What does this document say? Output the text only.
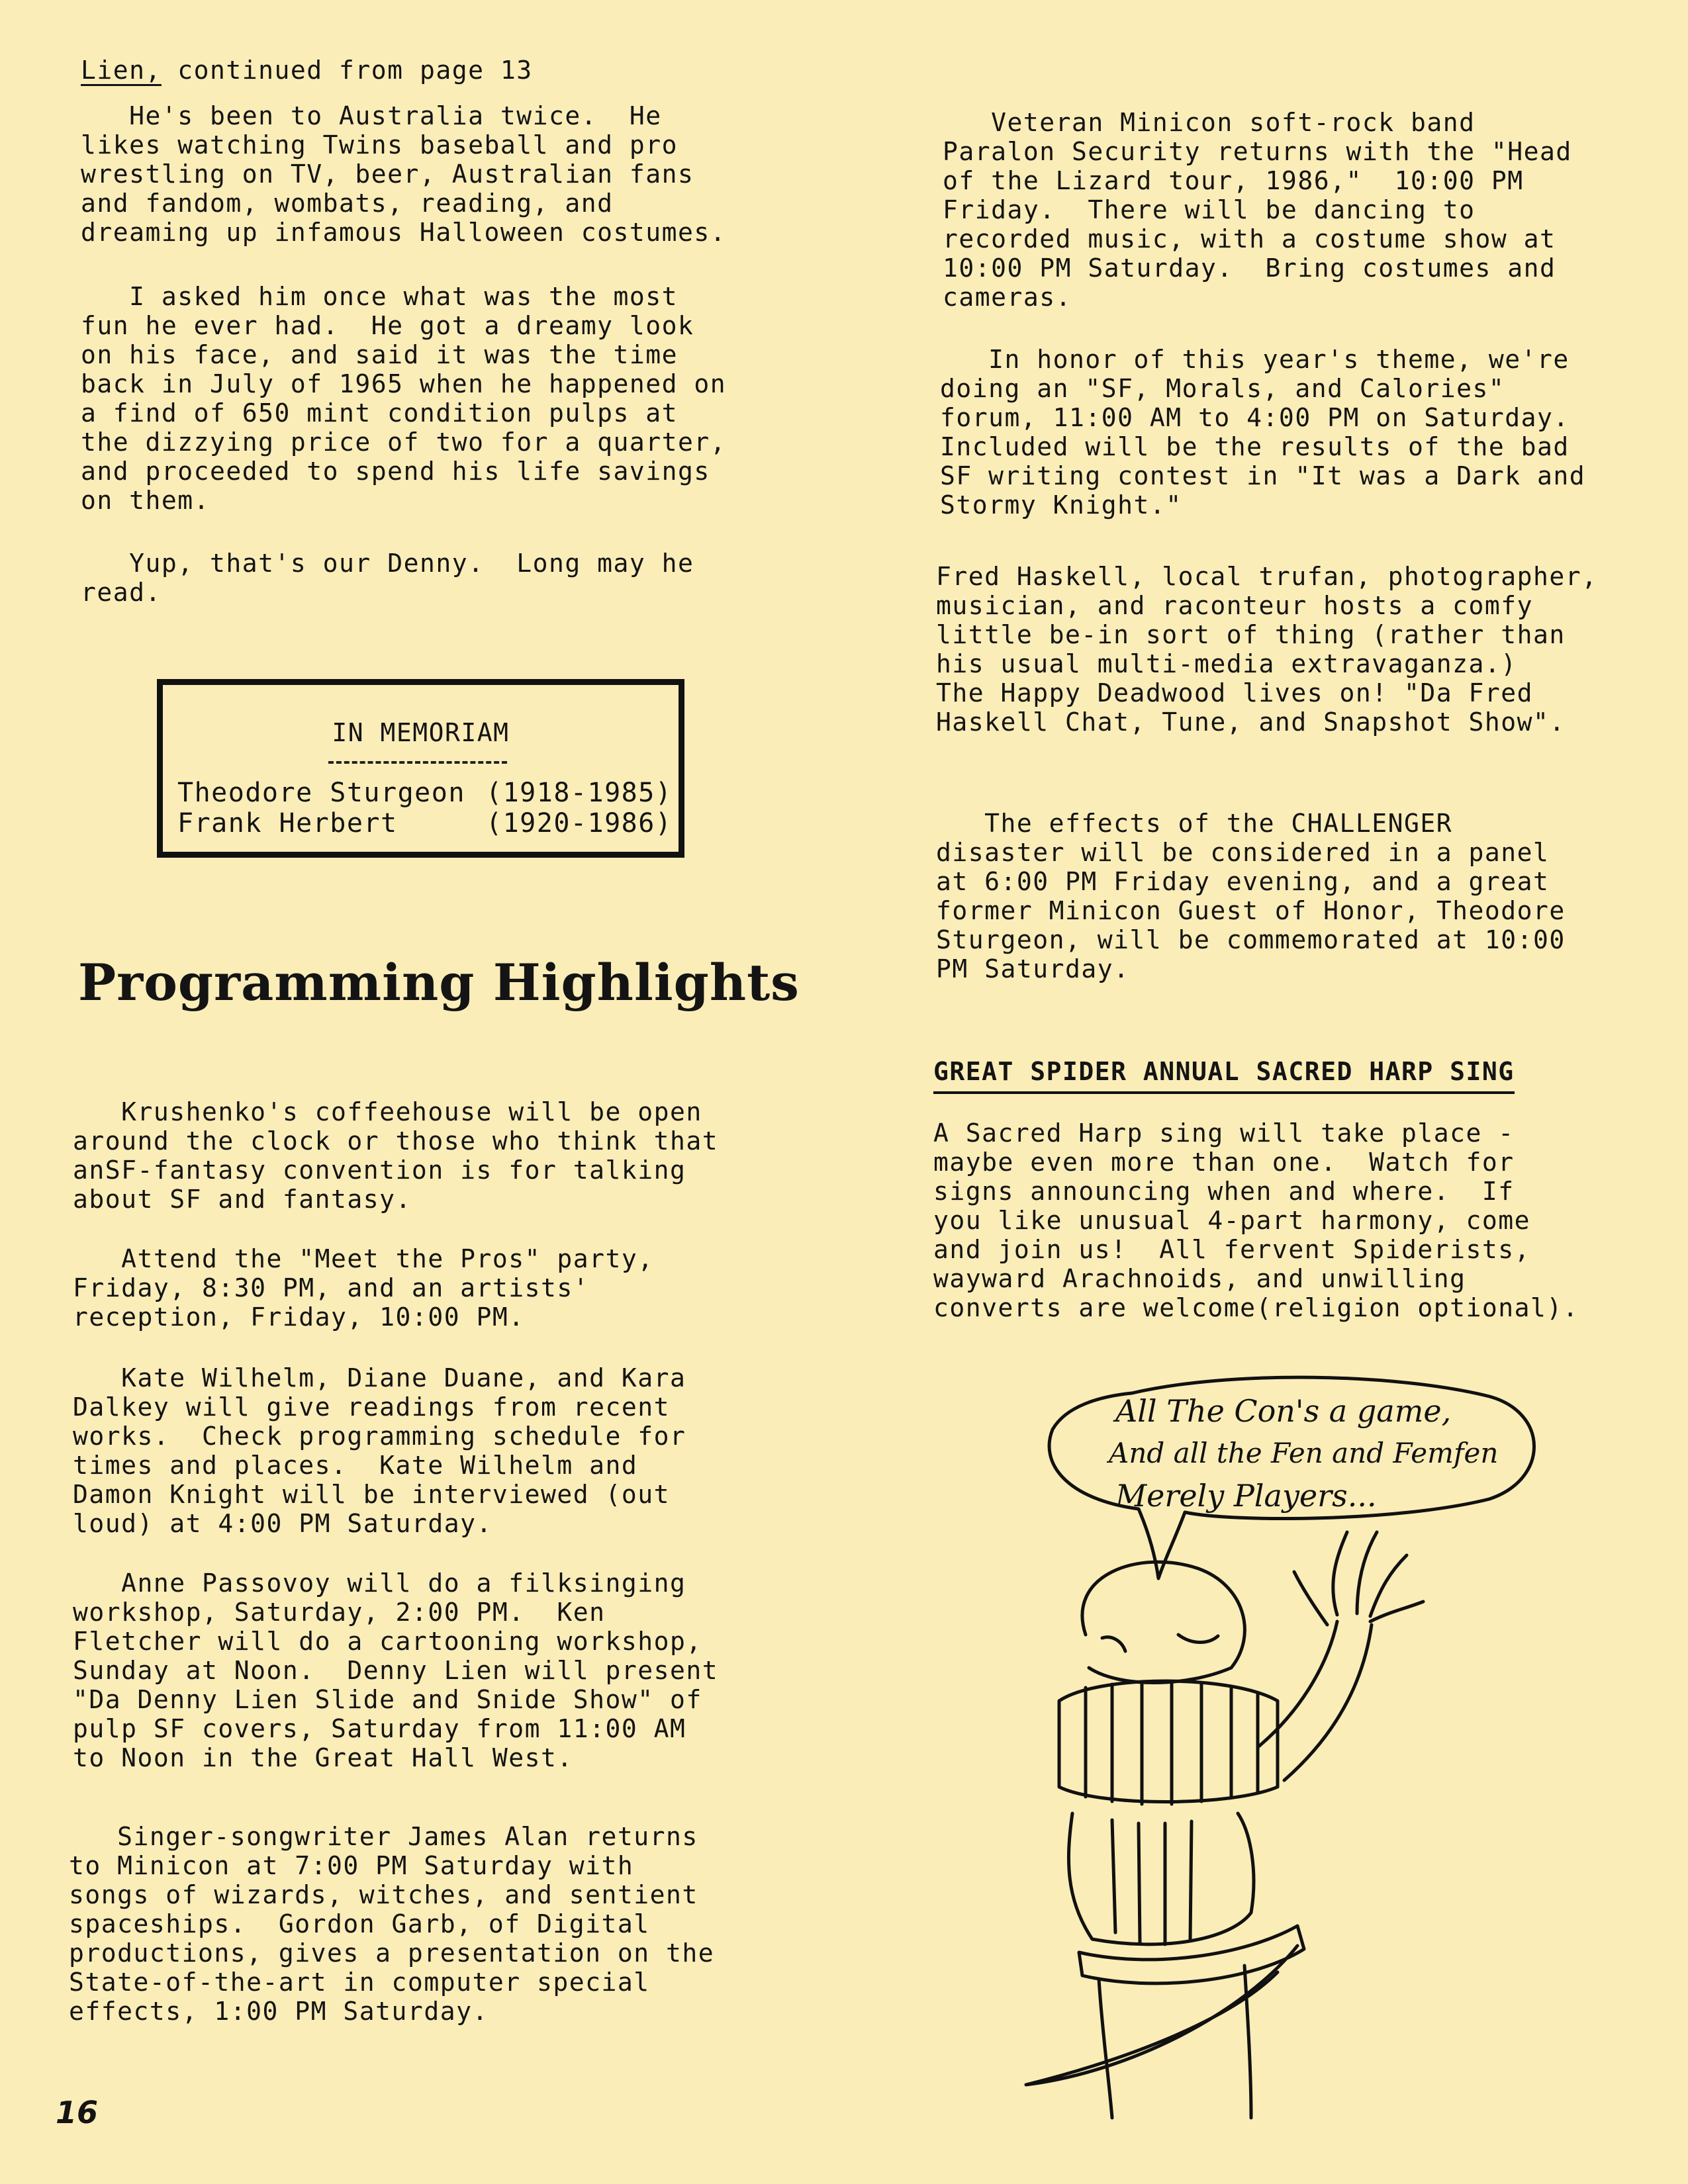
Lien, continued from page 13

He's been to Australia twice.  He
likes watching Twins baseball and pro
wrestling on TV, beer, Australian fans
and fandom, wombats, reading, and
dreaming up infamous Halloween costumes.

I asked him once what was the most
fun he ever had.  He got a dreamy look
on his face, and said it was the time
back in July of 1965 when he happened on
a find of 650 mint condition pulps at
the dizzying price of two for a quarter,
and proceeded to spend his life savings
on them.

Yup, that's our Denny.  Long may he
read.

IN MEMORIAM
Theodore Sturgeon (1918-1985)
Frank Herbert	(1920-1986)
Programming Highlights

Krushenko's coffeehouse will be open
around the clock or those who think that
anSF-fantasy convention is for talking
about SF and fantasy.

Attend the "Meet the Pros" party,
Friday, 8:30 PM, and an artists'
reception, Friday, 10:00 PM.

Kate Wilhelm, Diane Duane, and Kara
Dalkey will give readings from recent
works.  Check programming schedule for
times and places.  Kate Wilhelm and
Damon Knight will be interviewed (out
loud) at 4:00 PM Saturday.

Anne Passovoy will do a filksinging
workshop, Saturday, 2:00 PM.  Ken
Fletcher will do a cartooning workshop,
Sunday at Noon.  Denny Lien will present
"Da Denny Lien Slide and Snide Show" of
pulp SF covers, Saturday from 11:00 AM
to Noon in the Great Hall West.

Singer-songwriter James Alan returns
to Minicon at 7:00 PM Saturday with
songs of wizards, witches, and sentient
spaceships.  Gordon Garb, of Digital
productions, gives a presentation on the
State-of-the-art in computer special
effects, 1:00 PM Saturday.

Veteran Minicon soft-rock band
Paralon Security returns with the "Head
of the Lizard tour, 1986,"  10:00 PM
Friday.  There will be dancing to
recorded music, with a costume show at
10:00 PM Saturday.  Bring costumes and
cameras.

In honor of this year's theme, we're
doing an "SF, Morals, and Calories"
forum, 11:00 AM to 4:00 PM on Saturday.
Included will be the results of the bad
SF writing contest in "It was a Dark and
Stormy Knight."

Fred Haskell, local trufan, photographer,
musician, and raconteur hosts a comfy
little be-in sort of thing (rather than
his usual multi-media extravaganza.)
The Happy Deadwood lives on! "Da Fred
Haskell Chat, Tune, and Snapshot Show".

The effects of the CHALLENGER
disaster will be considered in a panel
at 6:00 PM Friday evening, and a great
former Minicon Guest of Honor, Theodore
Sturgeon, will be commemorated at 10:00
PM Saturday.

GREAT SPIDER ANNUAL SACRED HARP SING

A Sacred Harp sing will take place -
maybe even more than one.  Watch for
signs announcing when and where.  If
you like unusual 4-part harmony, come
and join us!  All fervent Spiderists,
wayward Arachnoids, and unwilling
converts are welcome(religion optional).

All The Con's a game,
And all the Fen and Femfen
Merely Players...
16
